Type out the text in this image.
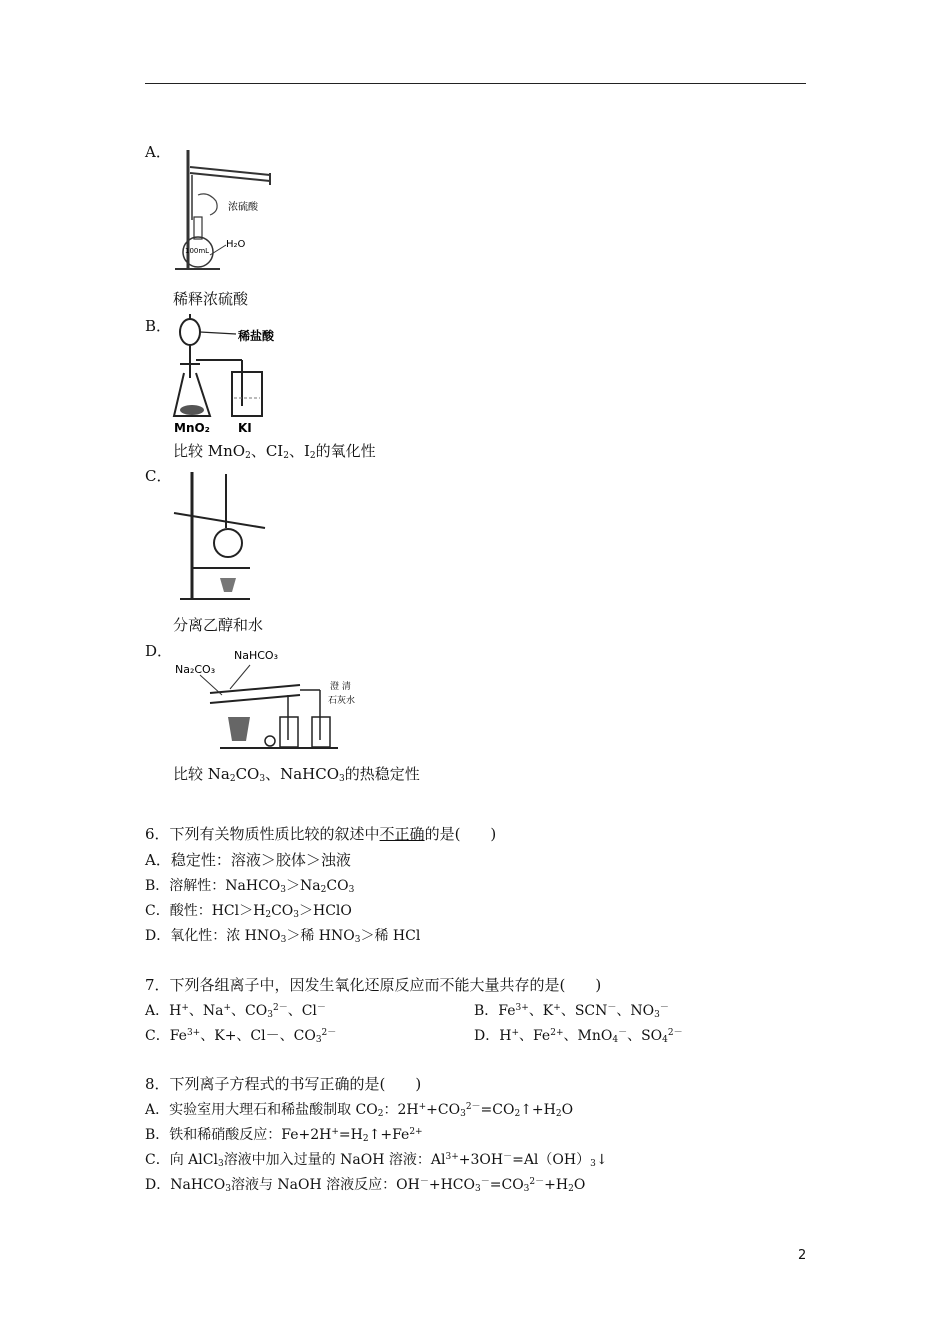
A．
浓硫酸
100mL
H₂O
稀释浓硫酸
B．
稀盐酸
MnO₂ KI
比较 MnO$_2$、$CI_2$、$I_2$的氧化性
C．
分离乙醇和水
D．
Na₂CO₃
NaHCO₃
澄 清
石灰水
比较 $Na_2CO_3$、NaHCO$_3$的热稳定性
6．下列有关物质性质比较的叙述中不正确的是(　　)
A．稳定性：溶液＞胶体＞浊液
B．溶解性：$NaHCO_3>Na_2CO_3$
C．酸性：$HCl>H_2CO_3>HClO$
D．氧化性：浓 $HNO_3>$稀 $HNO_3>$稀 HCl
7．下列各组离子中，因发生氧化还原反应而不能大量共存的是(　　)
A．H+、Na+、$CO_3^{2-}$、Cl－	B．$Fe^{3+}$、K+、SCN－、$NO_3^-$
C．$Fe^{3+}$、K+、Cl－、$CO_3^{2-}$	D．H+、$Fe^{2+}$、MnO$_4$－、$SO_4^{2-}$
8．下列离子方程式的书写正确的是(　　)
A．实验室用大理石和稀盐酸制取 $CO_2$：$2H^++CO_3^{2-}=CO_2↑+H_2O$
B．铁和稀硝酸反应：$Fe+2H^+=H_2↑+Fe^{2+}$
C．向 AlCl$_3$溶液中加入过量的 NaOH 溶液：$Al^{3+}+3OH^-=Al(OH)_3↓$
D．NaHCO$_3$溶液与 NaOH 溶液反应：$OH^-+HCO_3^-=CO_3^{2-}+H_2O$
2
